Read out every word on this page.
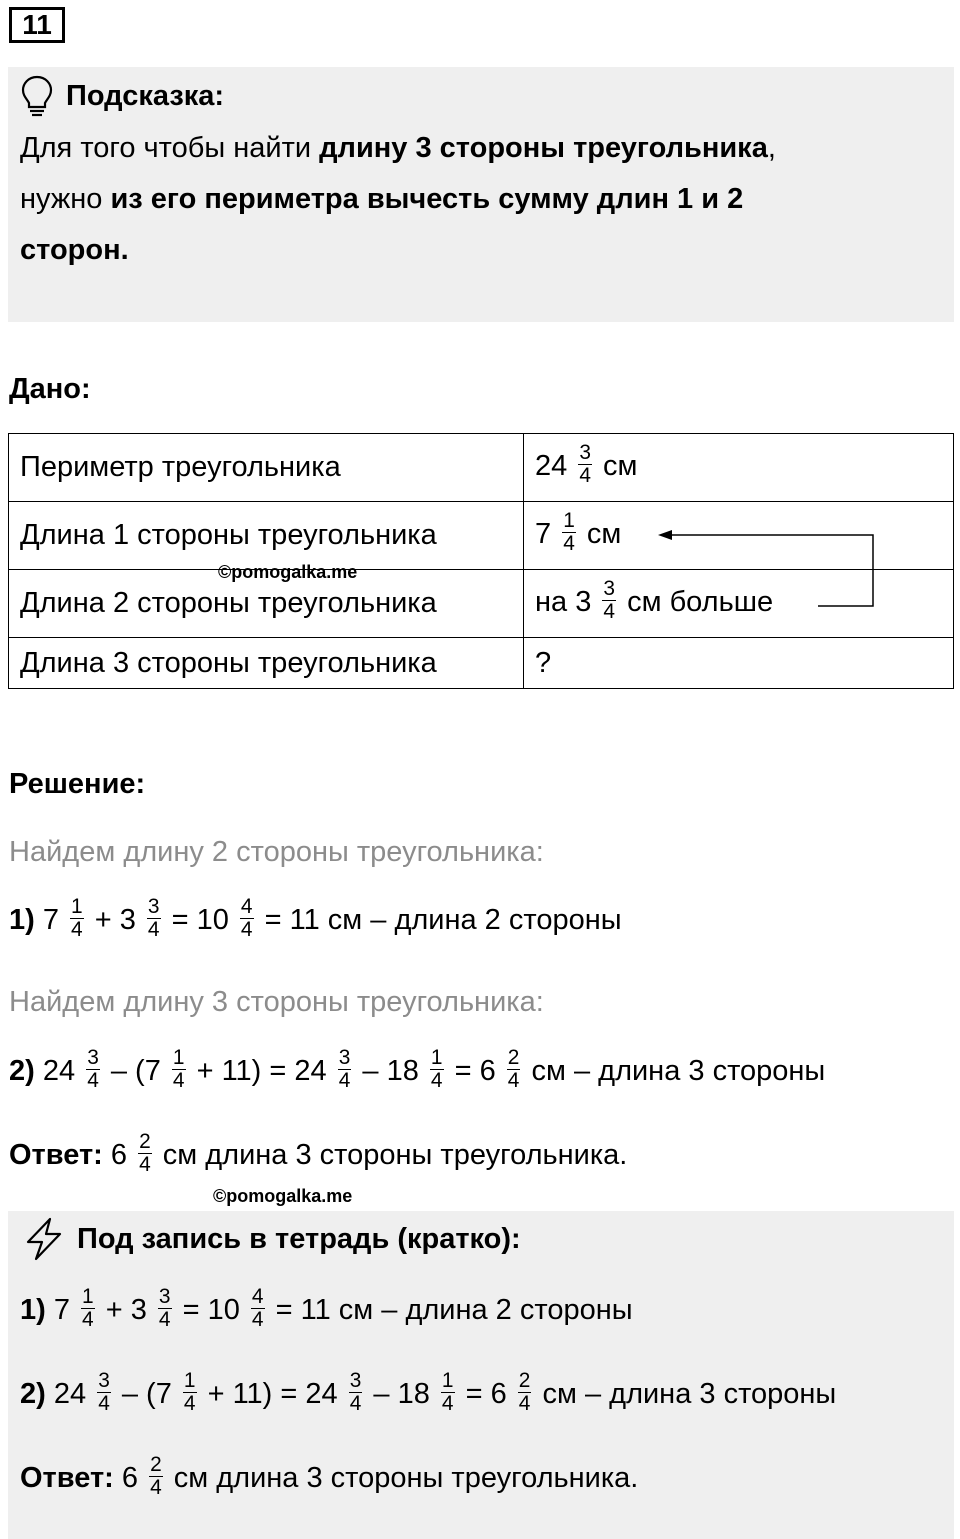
11
Подсказка:
Для того чтобы найти длину 3 стороны треугольника,
нужно из его периметра вычесть сумму длин 1 и 2
сторон.
Дано:
Периметр треугольника	$24 \frac{3}{4}$ см
Длина 1 стороны треугольника	$7 \frac{1}{4}$ см
Длина 2 стороны треугольника	на $3 \frac{3}{4}$ см больше
Длина 3 стороны треугольника	?
©pomogalka.me
Решение:
Найдем длину 2 стороны треугольника:
1) $7 \frac{1}{4} + 3 \frac{3}{4} = 10 \frac{4}{4} = 11$ см – длина 2 стороны
Найдем длину 3 стороны треугольника:
2) $24 \frac{3}{4} - (7 \frac{1}{4} + 11) = 24 \frac{3}{4} - 18 \frac{1}{4} = 6 \frac{2}{4}$ см – длина 3 стороны
Ответ: $6 \frac{2}{4}$ см длина 3 стороны треугольника.
©pomogalka.me
Под запись в тетрадь (кратко):
1) $7 \frac{1}{4} + 3 \frac{3}{4} = 10 \frac{4}{4} = 11$ см – длина 2 стороны
2) $24 \frac{3}{4} - (7 \frac{1}{4} + 11) = 24 \frac{3}{4} - 18 \frac{1}{4} = 6 \frac{2}{4}$ см – длина 3 стороны
Ответ: $6 \frac{2}{4}$ см длина 3 стороны треугольника.
